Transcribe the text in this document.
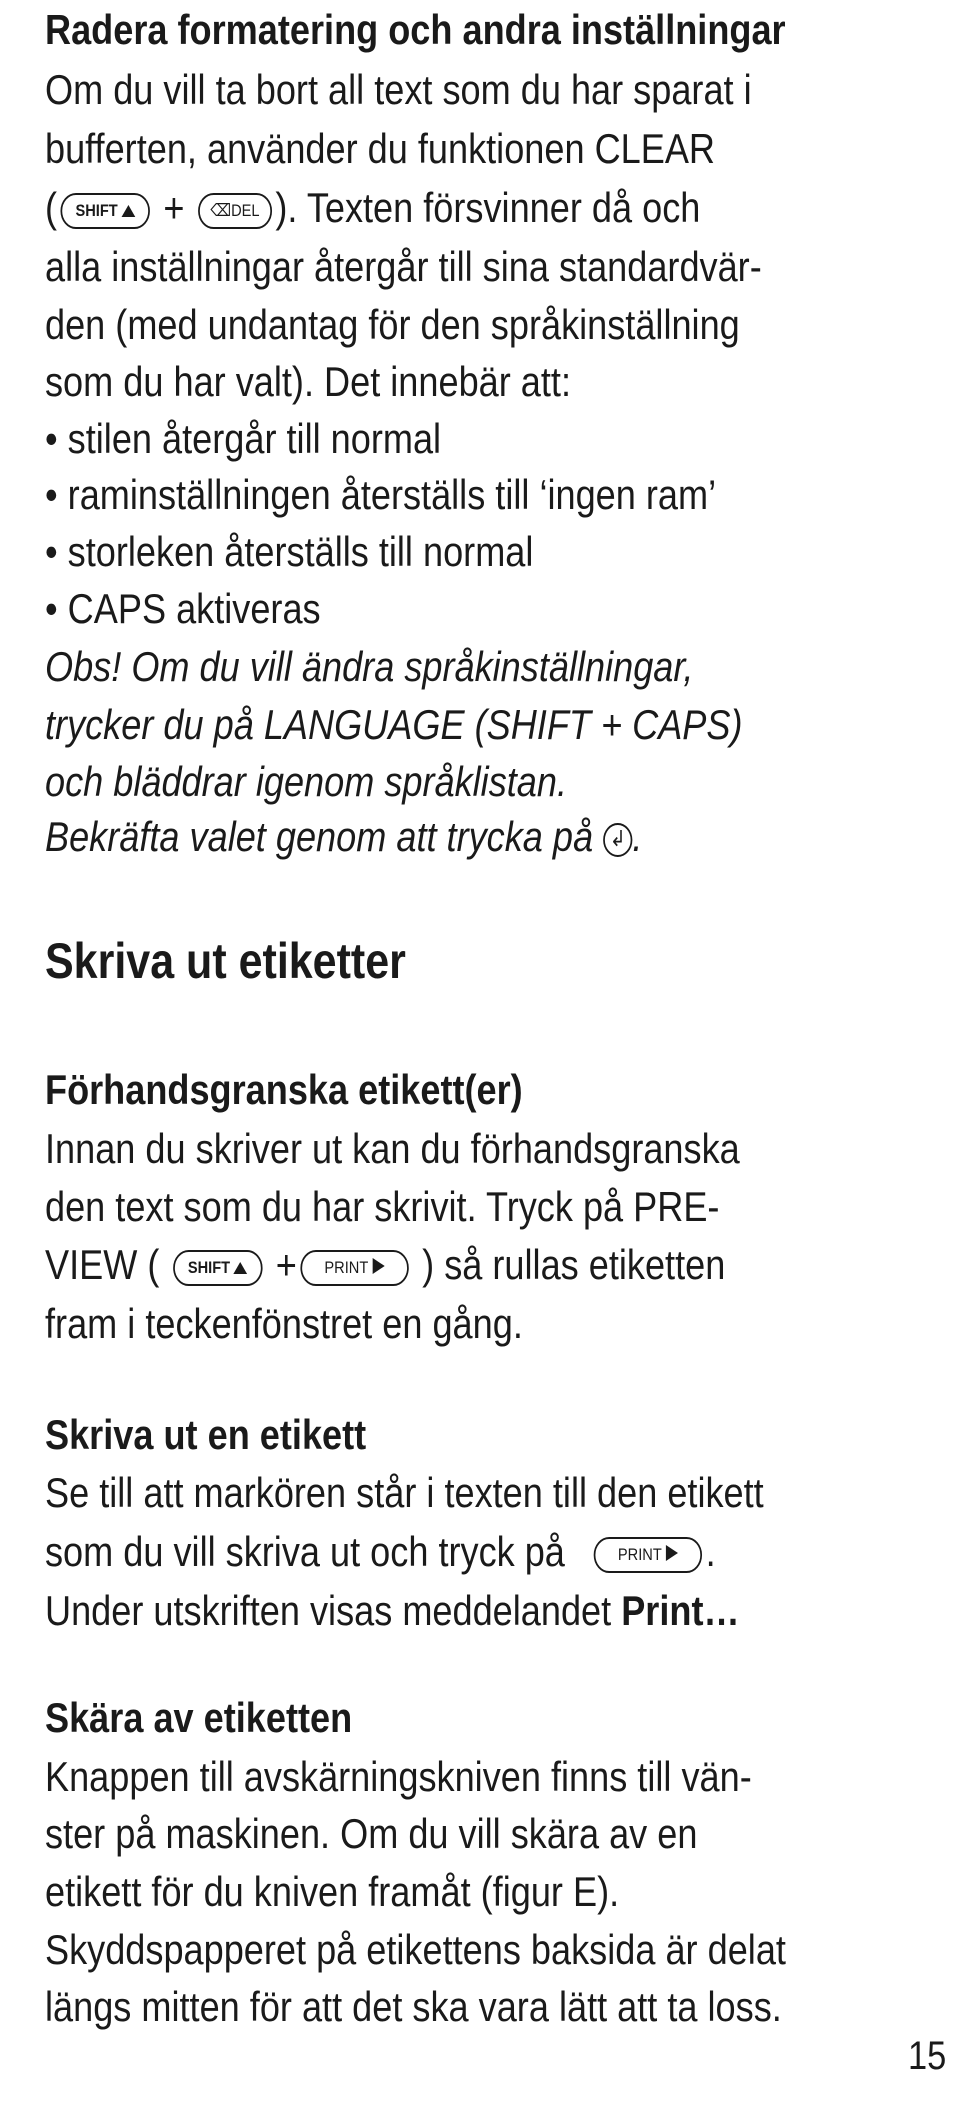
Radera formatering och andra inställningar
Om du vill ta bort all text som du har sparat i
bufferten, använder du funktionen CLEAR
( SHIFT + ⌫DEL ). Texten försvinner då och
alla inställningar återgår till sina standardvär-
den (med undantag för den språkinställning
som du har valt). Det innebär att:
• stilen återgår till normal
• raminställningen återställs till ‘ingen ram’
• storleken återställs till normal
• CAPS aktiveras
Obs! Om du vill ändra språkinställningar,
trycker du på LANGUAGE (SHIFT + CAPS)
och bläddrar igenom språklistan.
Bekräfta valet genom att trycka på ↲ .
Skriva ut etiketter
Förhandsgranska etikett(er)
Innan du skriver ut kan du förhandsgranska
den text som du har skrivit. Tryck på PRE-
VIEW ( SHIFT + PRINT ) så rullas etiketten
fram i teckenfönstret en gång.
Skriva ut en etikett
Se till att markören står i texten till den etikett
som du vill skriva ut och tryck på	PRINT .
Under utskriften visas meddelandet Print…
Skära av etiketten
Knappen till avskärningskniven finns till vän-
ster på maskinen. Om du vill skära av en
etikett för du kniven framåt (figur E).
Skyddspapperet på etikettens baksida är delat
längs mitten för att det ska vara lätt att ta loss.
15
